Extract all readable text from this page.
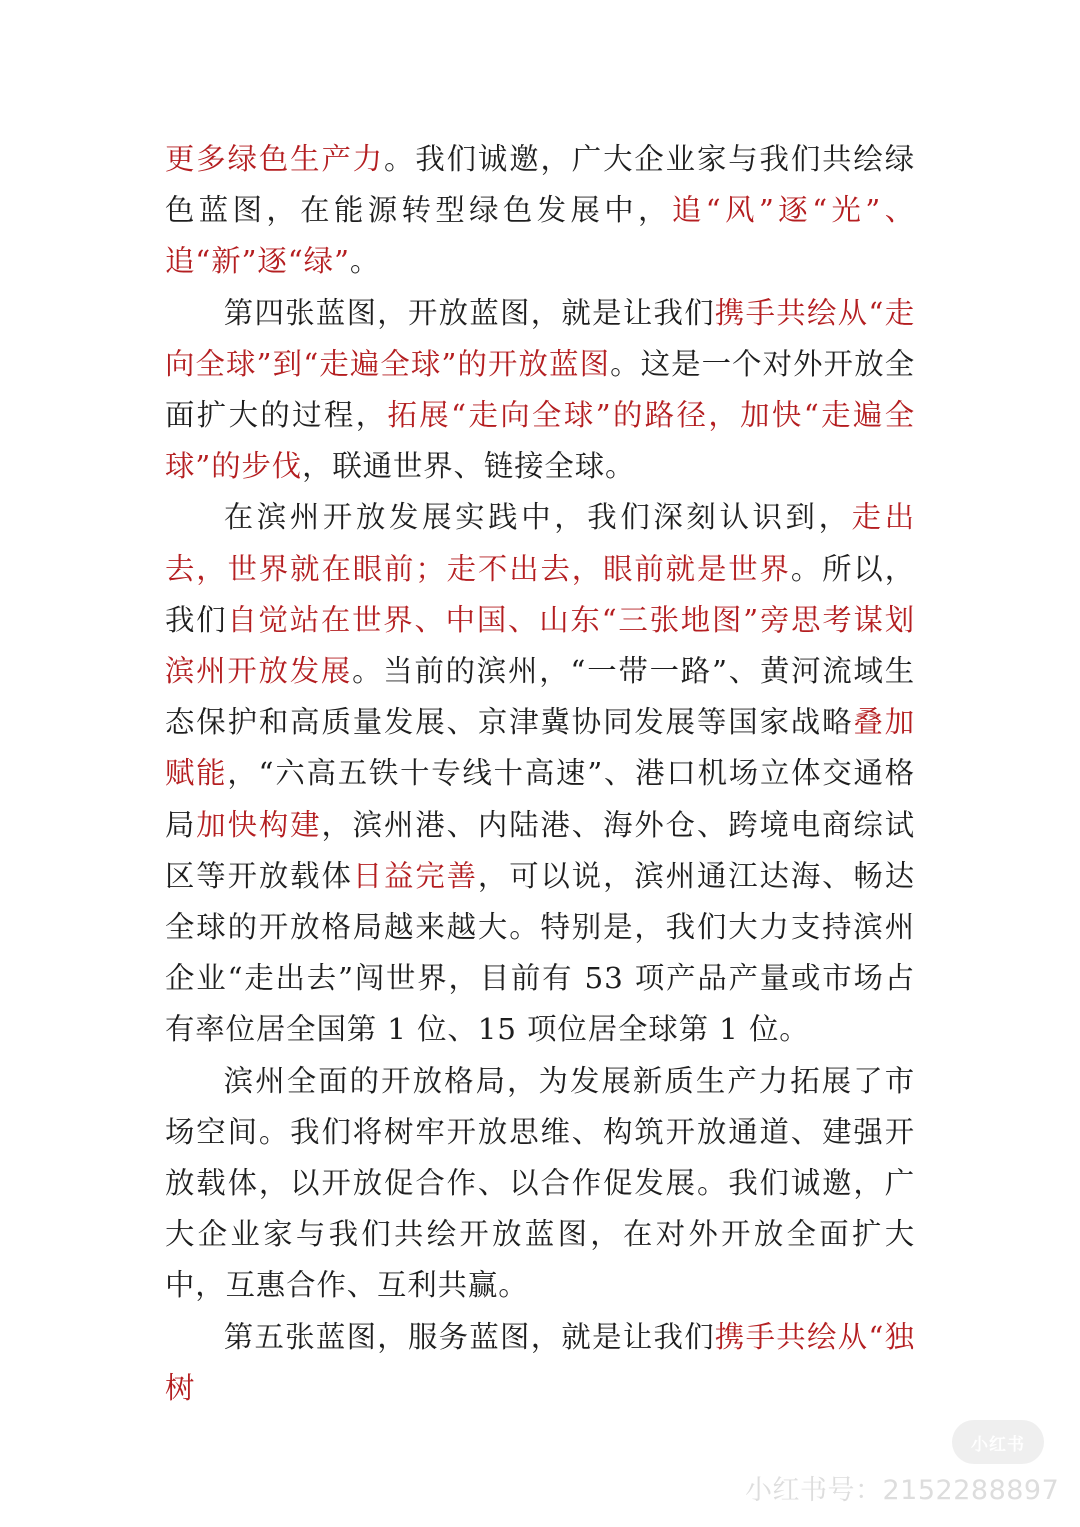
更多绿色生产力。我们诚邀，广大企业家与我们共绘绿色蓝图，在能源转型绿色发展中，追“风”逐“光”、追“新”逐“绿”。

第四张蓝图，开放蓝图，就是让我们携手共绘从“走向全球”到“走遍全球”的开放蓝图。这是一个对外开放全面扩大的过程，拓展“走向全球”的路径，加快“走遍全球”的步伐，联通世界、链接全球。

在滨州开放发展实践中，我们深刻认识到，走出去，世界就在眼前；走不出去，眼前就是世界。所以，我们自觉站在世界、中国、山东“三张地图”旁思考谋划滨州开放发展。当前的滨州，“一带一路”、黄河流域生态保护和高质量发展、京津冀协同发展等国家战略叠加赋能，“六高五铁十专线十高速”、港口机场立体交通格局加快构建，滨州港、内陆港、海外仓、跨境电商综试区等开放载体日益完善，可以说，滨州通江达海、畅达全球的开放格局越来越大。特别是，我们大力支持滨州企业“走出去”闯世界，目前有 53 项产品产量或市场占有率位居全国第 1 位、15 项位居全球第 1 位。

滨州全面的开放格局，为发展新质生产力拓展了市场空间。我们将树牢开放思维、构筑开放通道、建强开放载体，以开放促合作、以合作促发展。我们诚邀，广大企业家与我们共绘开放蓝图，在对外开放全面扩大中，互惠合作、互利共赢。

第五张蓝图，服务蓝图，就是让我们携手共绘从“独树

小红书
小红书号：2152288897
